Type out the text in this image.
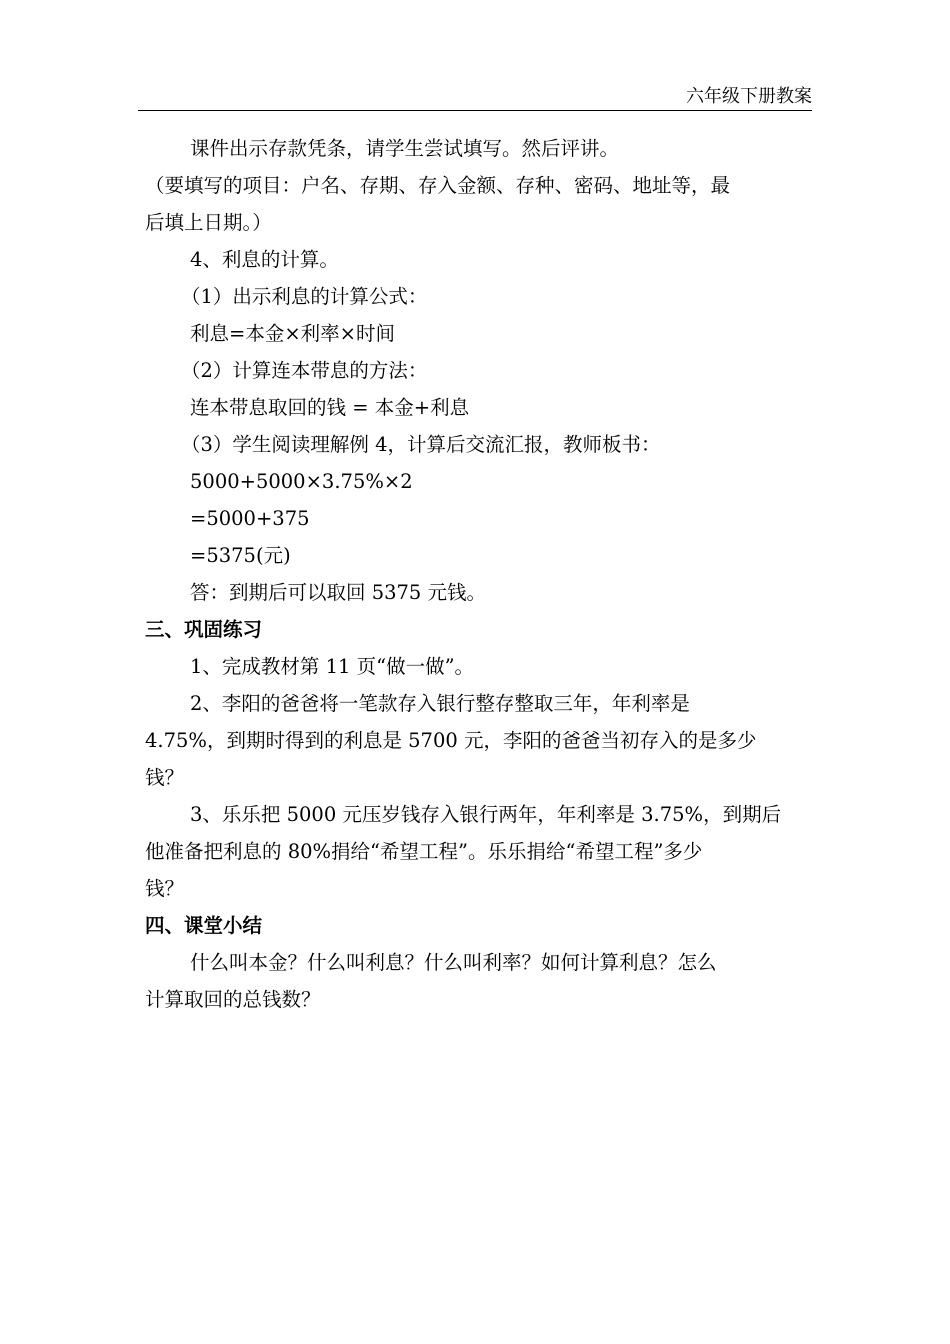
六年级下册教案

课件出示存款凭条，请学生尝试填写。然后评讲。

（要填写的项目：户名、存期、存入金额、存种、密码、地址等，最

后填上日期。）

4、利息的计算。

（1）出示利息的计算公式：

利息=本金×利率×时间

（2）计算连本带息的方法：

连本带息取回的钱 = 本金+利息

（3）学生阅读理解例 4，计算后交流汇报，教师板书：

5000+5000×3.75%×2

=5000+375

=5375(元)

答：到期后可以取回 5375 元钱。

三、巩固练习

1、完成教材第 11 页“做一做”。

2、李阳的爸爸将一笔款存入银行整存整取三年，年利率是

4.75%，到期时得到的利息是 5700 元，李阳的爸爸当初存入的是多少

钱？

3、乐乐把 5000 元压岁钱存入银行两年，年利率是 3.75%，到期后

他准备把利息的 80%捐给“希望工程”。乐乐捐给“希望工程”多少

钱？

四、课堂小结

什么叫本金？什么叫利息？什么叫利率？如何计算利息？怎么

计算取回的总钱数？
